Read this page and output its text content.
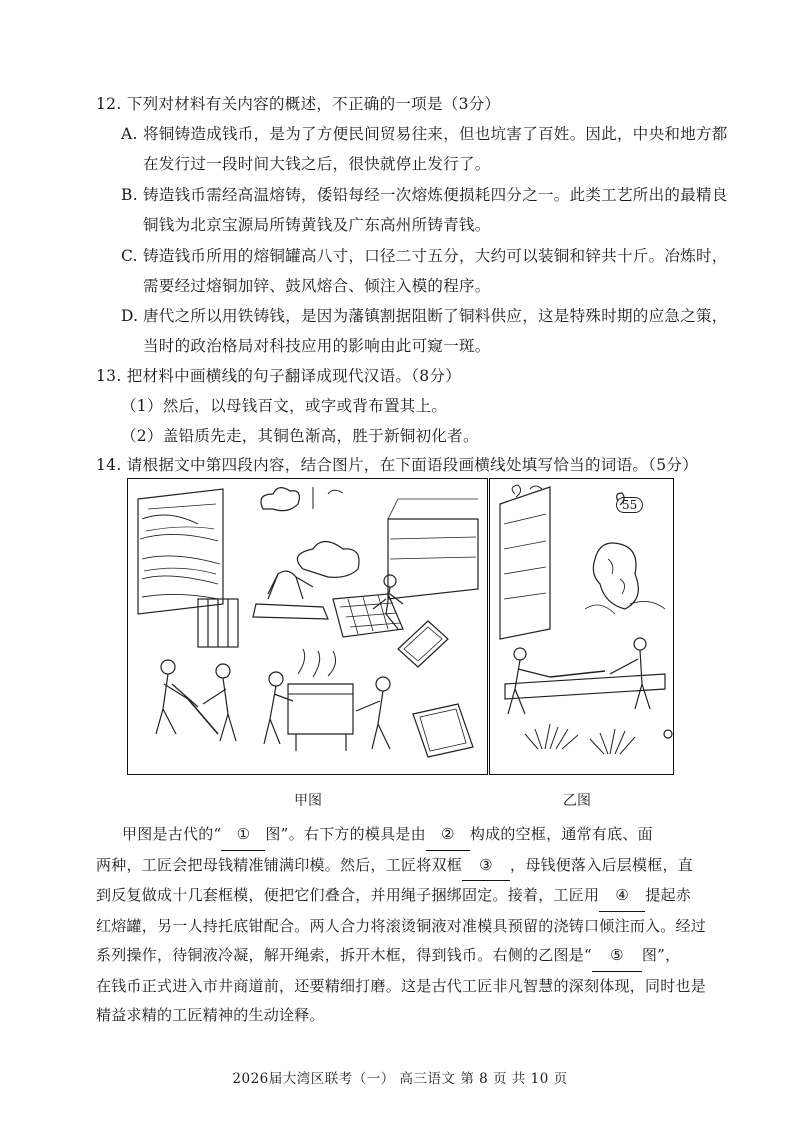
12. 下列对材料有关内容的概述，不正确的一项是（3分）
A. 将铜铸造成钱币，是为了方便民间贸易往来，但也坑害了百姓。因此，中央和地方都
在发行过一段时间大钱之后，很快就停止发行了。
B. 铸造钱币需经高温熔铸，倭铅每经一次熔炼便损耗四分之一。此类工艺所出的最精良
铜钱为北京宝源局所铸黄钱及广东高州所铸青钱。
C. 铸造钱币所用的熔铜罐高八寸，口径二寸五分，大约可以装铜和锌共十斤。冶炼时，
需要经过熔铜加锌、鼓风熔合、倾注入模的程序。
D. 唐代之所以用铁铸钱，是因为藩镇割据阻断了铜料供应，这是特殊时期的应急之策，
当时的政治格局对科技应用的影响由此可窥一斑。
13. 把材料中画横线的句子翻译成现代汉语。（8分）
（1）然后，以母钱百文，或字或背布置其上。
（2）盖铅质先走，其铜色渐高，胜于新铜初化者。
14. 请根据文中第四段内容，结合图片，在下面语段画横线处填写恰当的词语。（5分）
55
甲图	乙图
甲图是古代的“ ① 图”。右下方的模具是由 ② 构成的空框，通常有底、面
两种，工匠会把母钱精准铺满印模。然后，工匠将双框 ③ ，母钱便落入后层模框，直
到反复做成十几套框模，便把它们叠合，并用绳子捆绑固定。接着，工匠用 ④ 提起赤
红熔罐，另一人持托底钳配合。两人合力将滚烫铜液对准模具预留的浇铸口倾注而入。经过
系列操作，待铜液冷凝，解开绳索，拆开木框，得到钱币。右侧的乙图是“ ⑤ 图”，
在钱币正式进入市井商道前，还要精细打磨。这是古代工匠非凡智慧的深刻体现，同时也是
精益求精的工匠精神的生动诠释。
2026届大湾区联考（一） 高三语文 第 8 页 共 10 页
